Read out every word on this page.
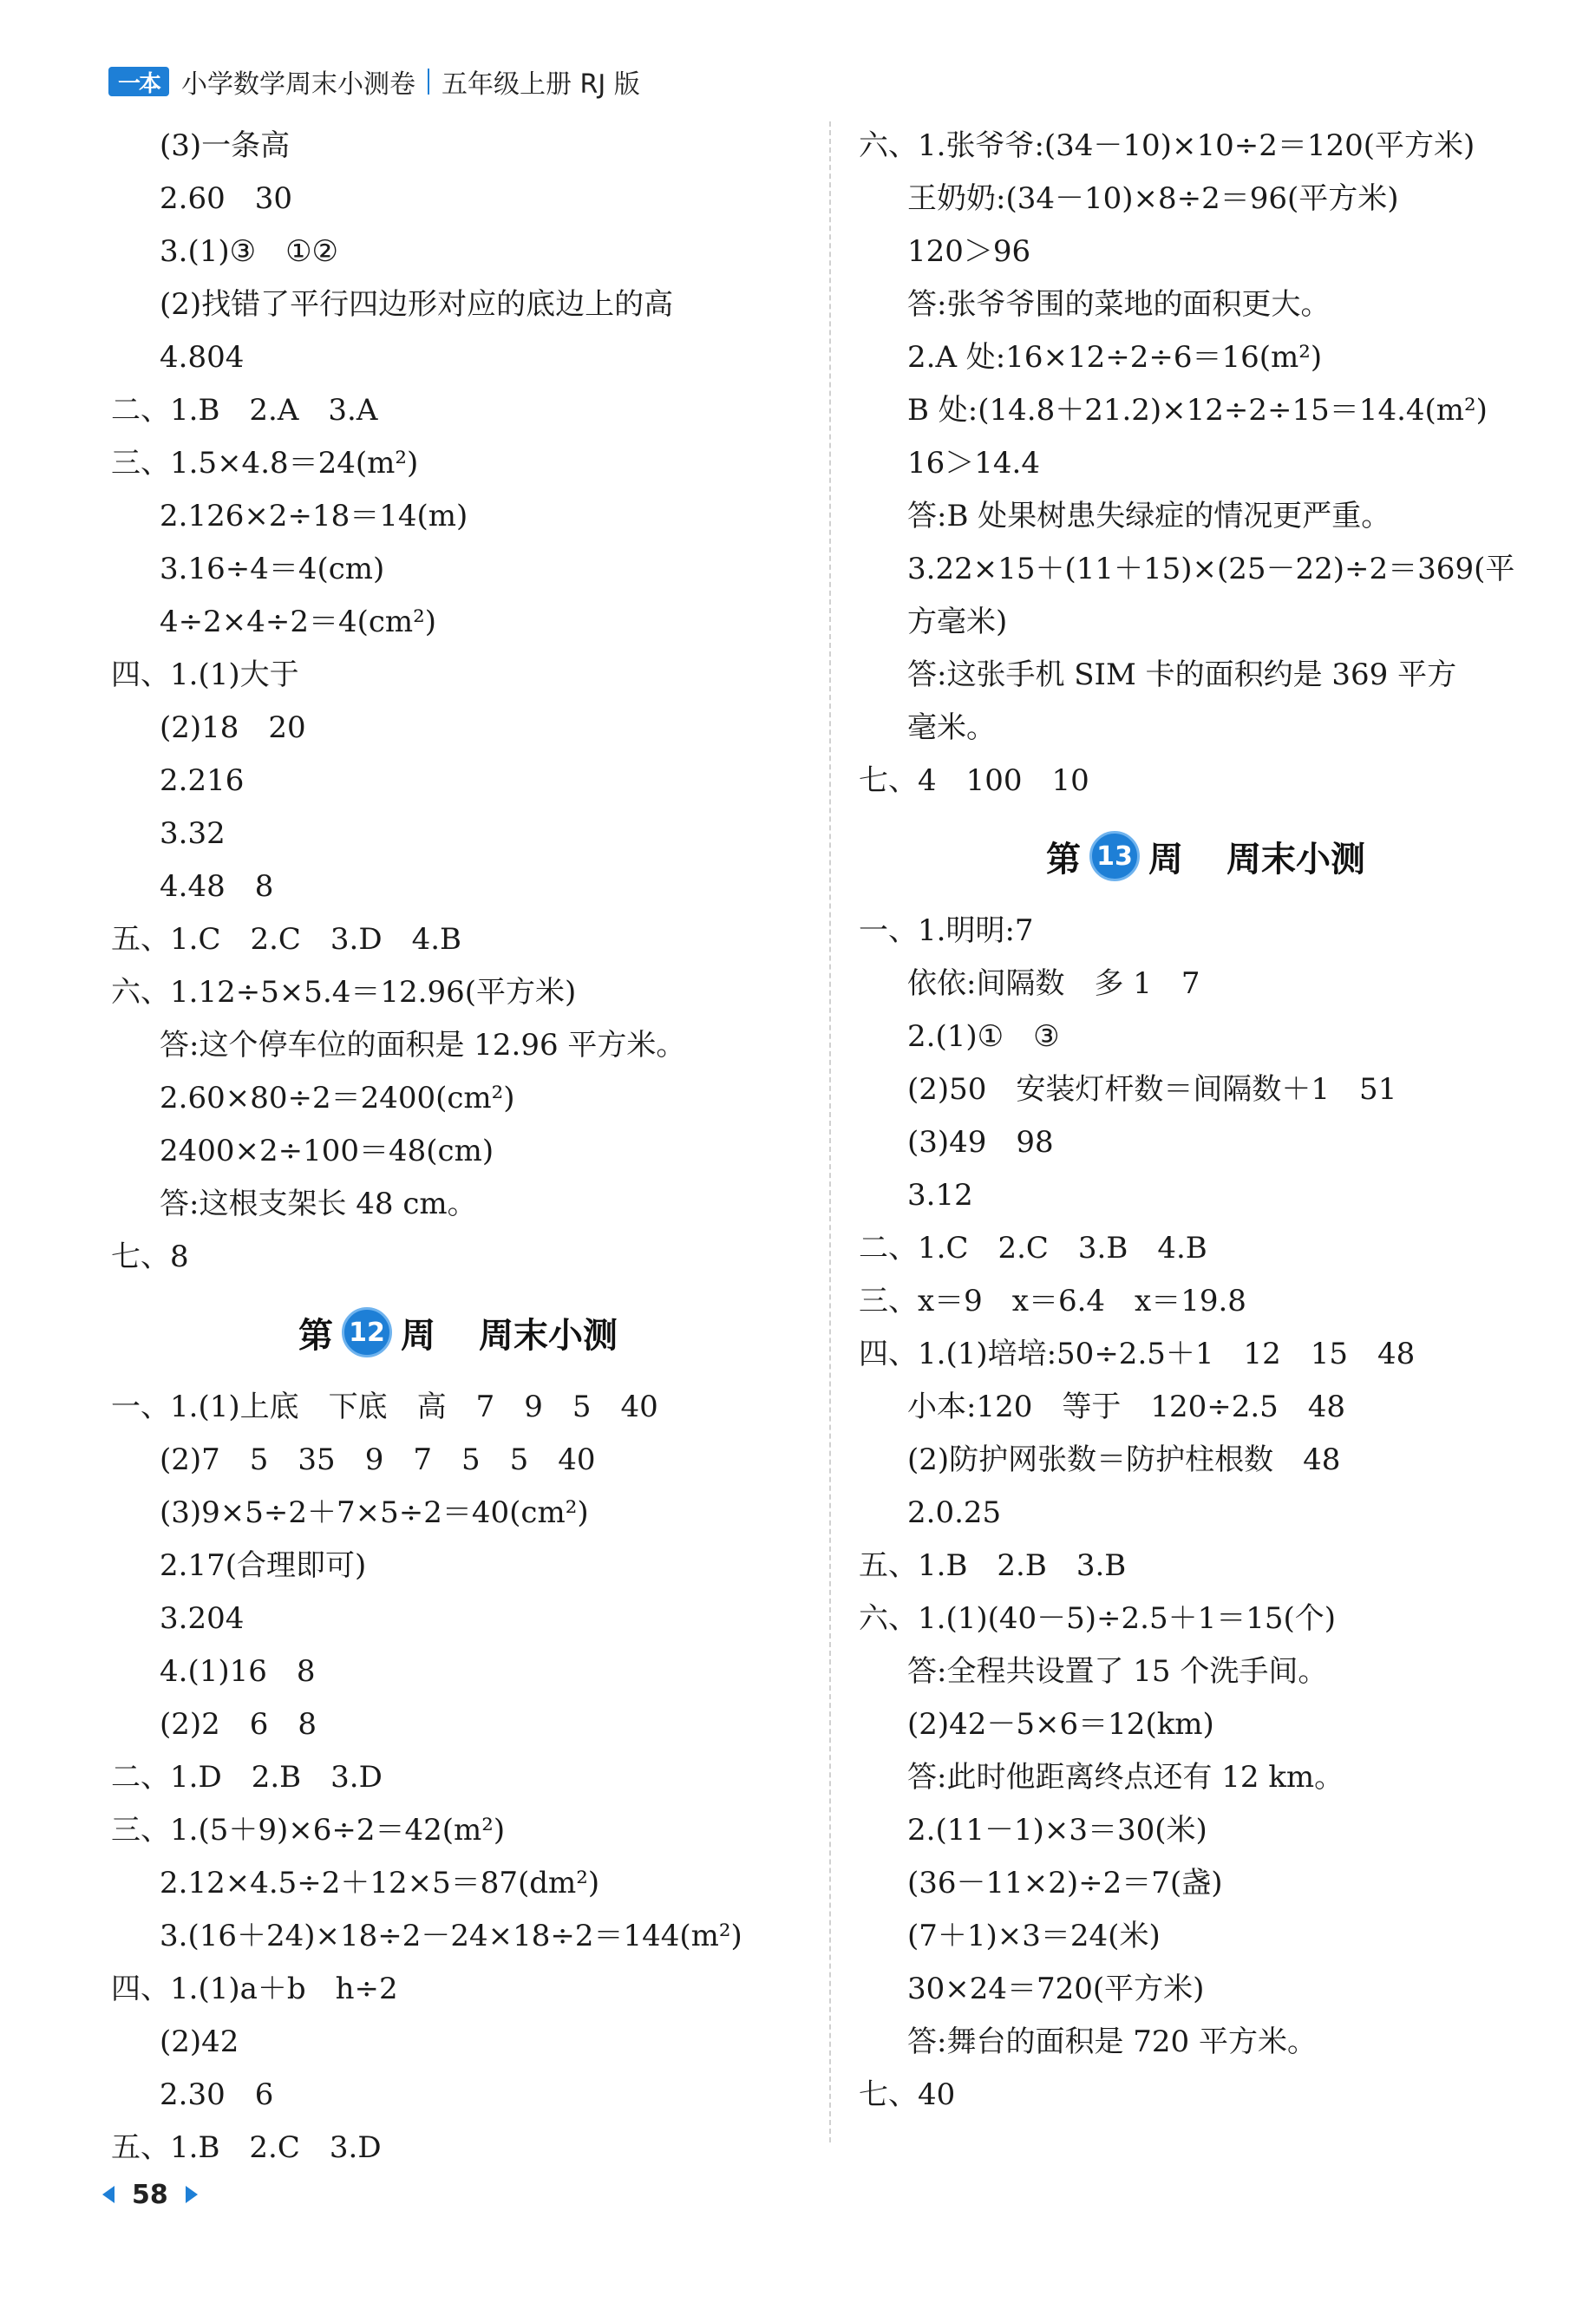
一本 小学数学周末小测卷 五年级上册 RJ 版
(3)一条高
2.60　30
3.(1)③　①②
(2)找错了平行四边形对应的底边上的高
4.804
二、1.B　2.A　3.A
三、1.5×4.8＝24(m²)
2.126×2÷18＝14(m)
3.16÷4＝4(cm)
4÷2×4÷2＝4(cm²)
四、1.(1)大于
(2)18　20
2.216
3.32
4.48　8
五、1.C　2.C　3.D　4.B
六、1.12÷5×5.4＝12.96(平方米)
答:这个停车位的面积是 12.96 平方米。
2.60×80÷2＝2400(cm²)
2400×2÷100＝48(cm)
答:这根支架长 48 cm。
七、8
第 12 周 周末小测
一、1.(1)上底　下底　高　7　9　5　40
(2)7　5　35　9　7　5　5　40
(3)9×5÷2＋7×5÷2＝40(cm²)
2.17(合理即可)
3.204
4.(1)16　8
(2)2　6　8
二、1.D　2.B　3.D
三、1.(5＋9)×6÷2＝42(m²)
2.12×4.5÷2＋12×5＝87(dm²)
3.(16＋24)×18÷2－24×18÷2＝144(m²)
四、1.(1)a＋b　h÷2
(2)42
2.30　6
五、1.B　2.C　3.D
六、1.张爷爷:(34－10)×10÷2＝120(平方米)
王奶奶:(34－10)×8÷2＝96(平方米)
120＞96
答:张爷爷围的菜地的面积更大。
2.A 处:16×12÷2÷6＝16(m²)
B 处:(14.8＋21.2)×12÷2÷15＝14.4(m²)
16＞14.4
答:B 处果树患失绿症的情况更严重。
3.22×15＋(11＋15)×(25－22)÷2＝369(平
方毫米)
答:这张手机 SIM 卡的面积约是 369 平方
毫米。
七、4　100　10
第 13 周 周末小测
一、1.明明:7
依依:间隔数　多 1　7
2.(1)①　③
(2)50　安装灯杆数＝间隔数＋1　51
(3)49　98
3.12
二、1.C　2.C　3.B　4.B
三、x＝9　x＝6.4　x＝19.8
四、1.(1)培培:50÷2.5＋1　12　15　48
小本:120　等于　120÷2.5　48
(2)防护网张数＝防护柱根数　48
2.0.25
五、1.B　2.B　3.B
六、1.(1)(40－5)÷2.5＋1＝15(个)
答:全程共设置了 15 个洗手间。
(2)42－5×6＝12(km)
答:此时他距离终点还有 12 km。
2.(11－1)×3＝30(米)
(36－11×2)÷2＝7(盏)
(7＋1)×3＝24(米)
30×24＝720(平方米)
答:舞台的面积是 720 平方米。
七、40
58
